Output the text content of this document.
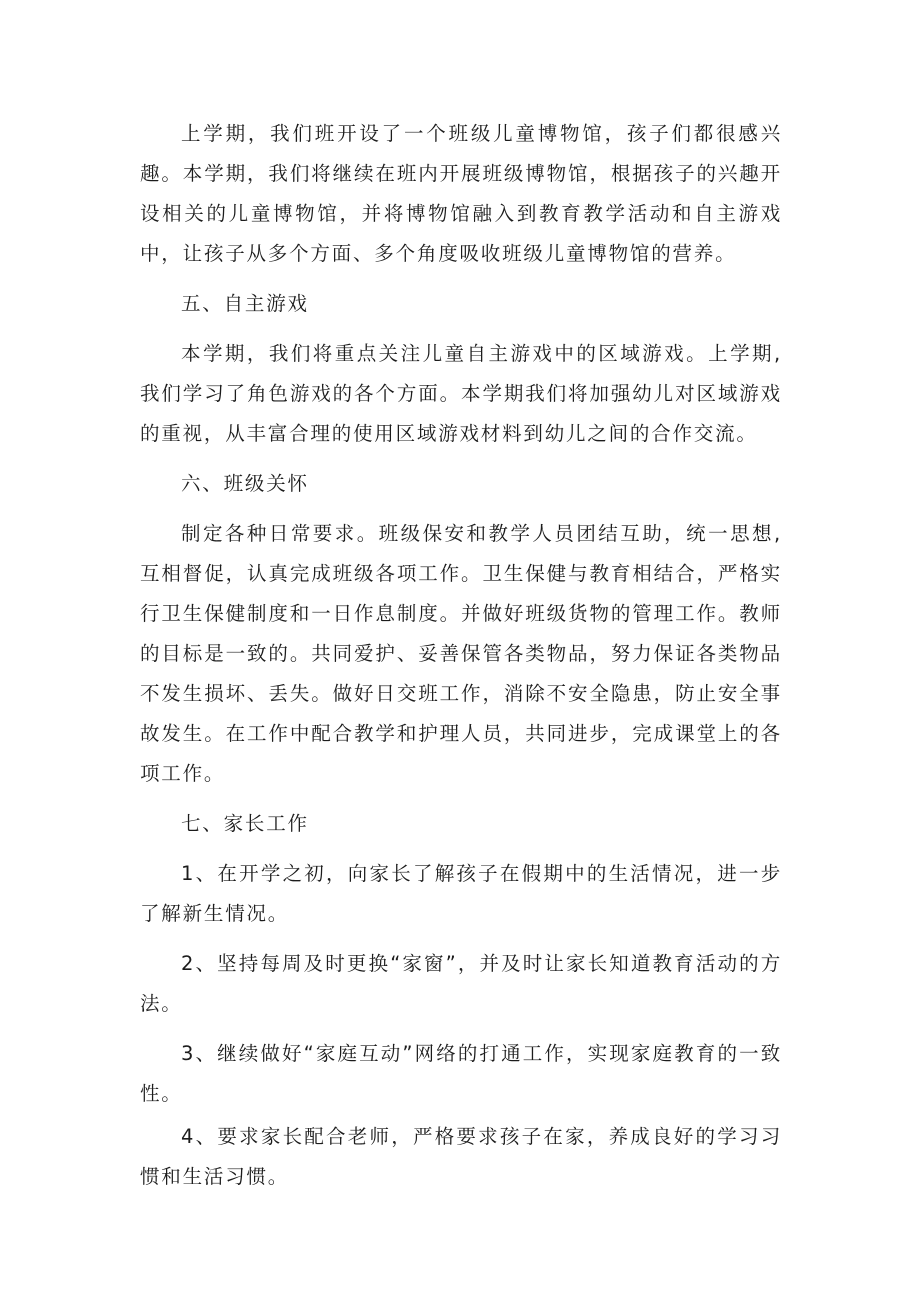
上学期，我们班开设了一个班级儿童博物馆，孩子们都很感兴趣。本学期，我们将继续在班内开展班级博物馆，根据孩子的兴趣开设相关的儿童博物馆，并将博物馆融入到教育教学活动和自主游戏中，让孩子从多个方面、多个角度吸收班级儿童博物馆的营养。

五、自主游戏

本学期，我们将重点关注儿童自主游戏中的区域游戏。上学期,我们学习了角色游戏的各个方面。本学期我们将加强幼儿对区域游戏的重视，从丰富合理的使用区域游戏材料到幼儿之间的合作交流。

六、班级关怀

制定各种日常要求。班级保安和教学人员团结互助，统一思想,互相督促，认真完成班级各项工作。卫生保健与教育相结合，严格实行卫生保健制度和一日作息制度。并做好班级货物的管理工作。教师的目标是一致的。共同爱护、妥善保管各类物品，努力保证各类物品不发生损坏、丢失。做好日交班工作，消除不安全隐患，防止安全事故发生。在工作中配合教学和护理人员，共同进步，完成课堂上的各项工作。

七、家长工作

1、在开学之初，向家长了解孩子在假期中的生活情况，进一步了解新生情况。

2、坚持每周及时更换“家窗”，并及时让家长知道教育活动的方法。

3、继续做好“家庭互动”网络的打通工作，实现家庭教育的一致性。

4、要求家长配合老师，严格要求孩子在家，养成良好的学习习惯和生活习惯。
